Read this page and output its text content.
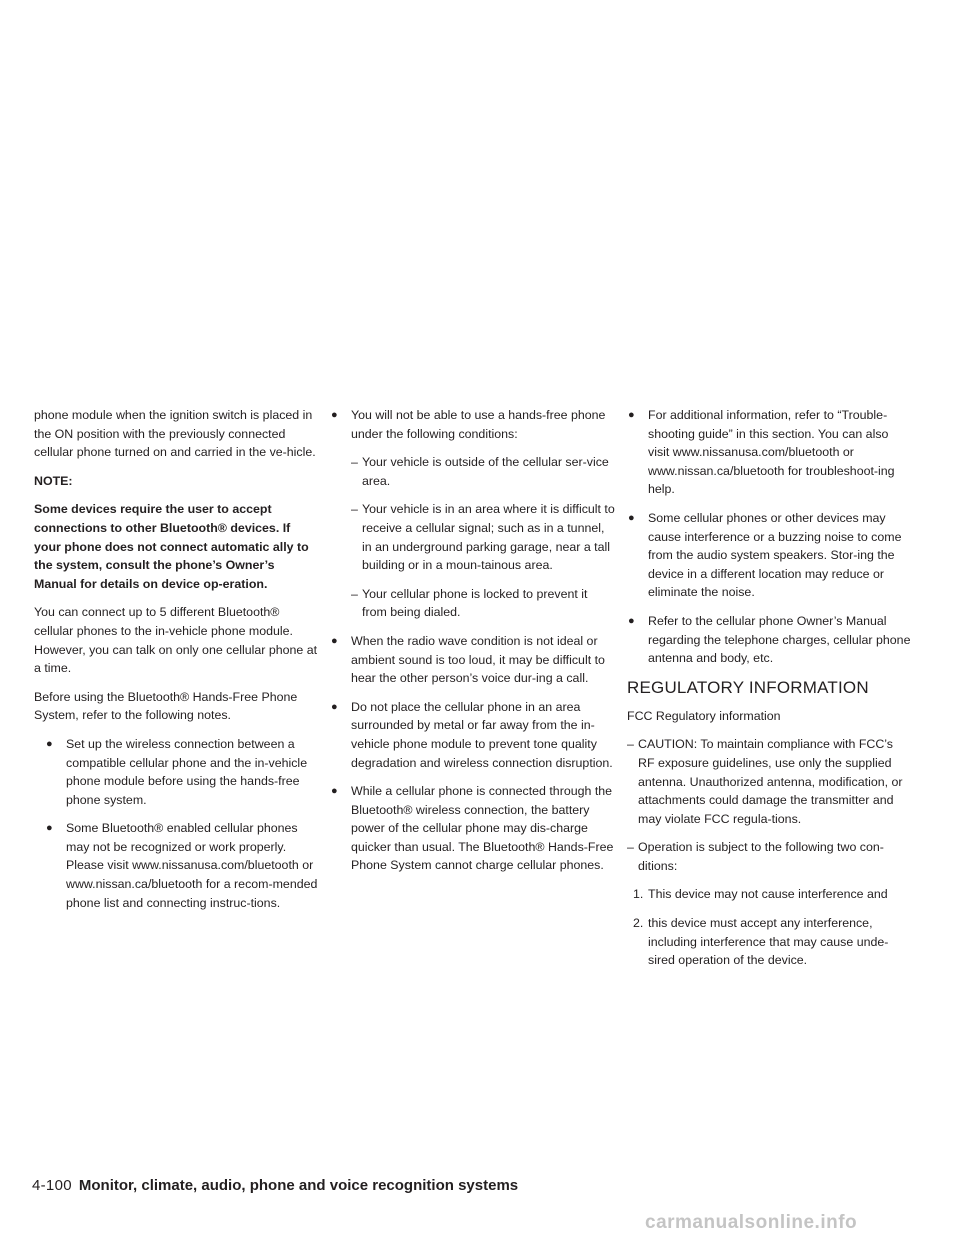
phone module when the ignition switch is placed in the ON position with the previously connected cellular phone turned on and carried in the ve-hicle.

NOTE:

Some devices require the user to accept connections to other Bluetooth® devices. If your phone does not connect automatic ally to the system, consult the phone’s Owner’s Manual for details on device op-eration.

You can connect up to 5 different Bluetooth® cellular phones to the in-vehicle phone module. However, you can talk on only one cellular phone at a time.

Before using the Bluetooth® Hands-Free Phone System, refer to the following notes.

● Set up the wireless connection between a compatible cellular phone and the in-vehicle phone module before using the hands-free phone system.

● Some Bluetooth® enabled cellular phones may not be recognized or work properly. Please visit www.nissanusa.com/bluetooth or www.nissan.ca/bluetooth for a recom-mended phone list and connecting instruc-tions.

● You will not be able to use a hands-free phone under the following conditions:

– Your vehicle is outside of the cellular ser-vice area.

– Your vehicle is in an area where it is difficult to receive a cellular signal; such as in a tunnel, in an underground parking garage, near a tall building or in a moun-tainous area.

– Your cellular phone is locked to prevent it from being dialed.

● When the radio wave condition is not ideal or ambient sound is too loud, it may be difficult to hear the other person’s voice dur-ing a call.

● Do not place the cellular phone in an area surrounded by metal or far away from the in-vehicle phone module to prevent tone quality degradation and wireless connection disruption.

● While a cellular phone is connected through the Bluetooth® wireless connection, the battery power of the cellular phone may dis-charge quicker than usual. The Bluetooth® Hands-Free Phone System cannot charge cellular phones.

● For additional information, refer to “Trouble-shooting guide” in this section. You can also visit www.nissanusa.com/bluetooth or www.nissan.ca/bluetooth for troubleshoot-ing help.

● Some cellular phones or other devices may cause interference or a buzzing noise to come from the audio system speakers. Stor-ing the device in a different location may reduce or eliminate the noise.

● Refer to the cellular phone Owner’s Manual regarding the telephone charges, cellular phone antenna and body, etc.

REGULATORY INFORMATION

FCC Regulatory information

– CAUTION: To maintain compliance with FCC’s RF exposure guidelines, use only the supplied antenna. Unauthorized antenna, modification, or attachments could damage the transmitter and may violate FCC regula-tions.

– Operation is subject to the following two con-ditions:

1. This device may not cause interference and

2. this device must accept any interference, including interference that may cause unde-sired operation of the device.

4-100 Monitor, climate, audio, phone and voice recognition systems
carmanualsonline.info
